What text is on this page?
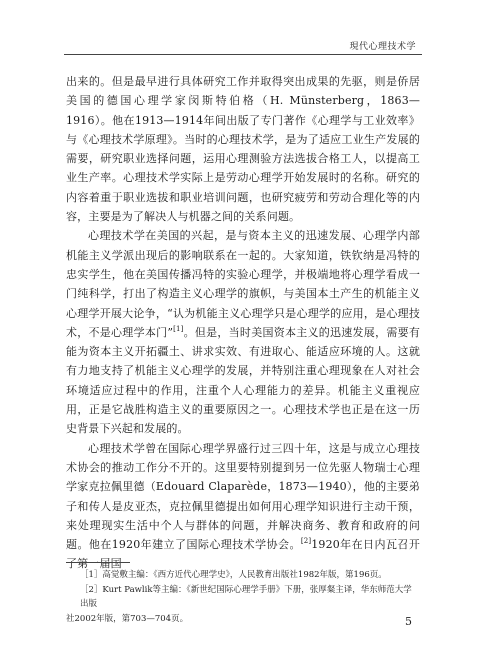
現代心理技术学

出来的。但是最早进行具体研究工作并取得突出成果的先驱，则是侨居美国的德国心理学家闵斯特伯格（H. Münsterberg，1863—1916）。他在1913—1914年间出版了专门著作《心理学与工业效率》与《心理技术学原理》。当时的心理技术学，是为了适应工业生产发展的需要，研究职业选择问题，运用心理测验方法选拔合格工人，以提高工业生产率。心理技术学实际上是劳动心理学开始发展时的名称。研究的内容着重于职业选拔和职业培训问题，也研究疲劳和劳动合理化等的内容，主要是为了解决人与机器之间的关系问题。

心理技术学在美国的兴起，是与资本主义的迅速发展、心理学内部机能主义学派出现后的影响联系在一起的。大家知道，铁钦纳是冯特的忠实学生，他在美国传播冯特的实验心理学，并极端地将心理学看成一门纯科学，打出了构造主义心理学的旗帜，与美国本土产生的机能主义心理学开展大论争，“认为机能主义心理学只是心理学的应用，是心理技术，不是心理学本门”[1]。但是，当时美国资本主义的迅速发展，需要有能为资本主义开拓疆土、讲求实效、有进取心、能适应环境的人。这就有力地支持了机能主义心理学的发展，并特别注重心理现象在人对社会环境适应过程中的作用，注重个人心理能力的差异。机能主义重视应用，正是它战胜构造主义的重要原因之一。心理技术学也正是在这一历史背景下兴起和发展的。

心理技术学曾在国际心理学界盛行过三四十年，这是与成立心理技术协会的推动工作分不开的。这里要特别提到另一位先驱人物瑞士心理学家克拉佩里德（Edouard Claparède，1873—1940），他的主要弟子和传人是皮亚杰，克拉佩里德提出如何用心理学知识进行主动干预，来处理现实生活中个人与群体的问题，并解决商务、教育和政府的问题。他在1920年建立了国际心理技术学协会。[2]1920年在日内瓦召开了第一届国

［1］高觉敷主编：《西方近代心理学史》，人民教育出版社1982年版，第196页。

［2］Kurt Pawlik等主编：《新世纪国际心理学手册》下册，张厚粲主译，华东师范大学出版

社2002年版，第703—704页。	5
